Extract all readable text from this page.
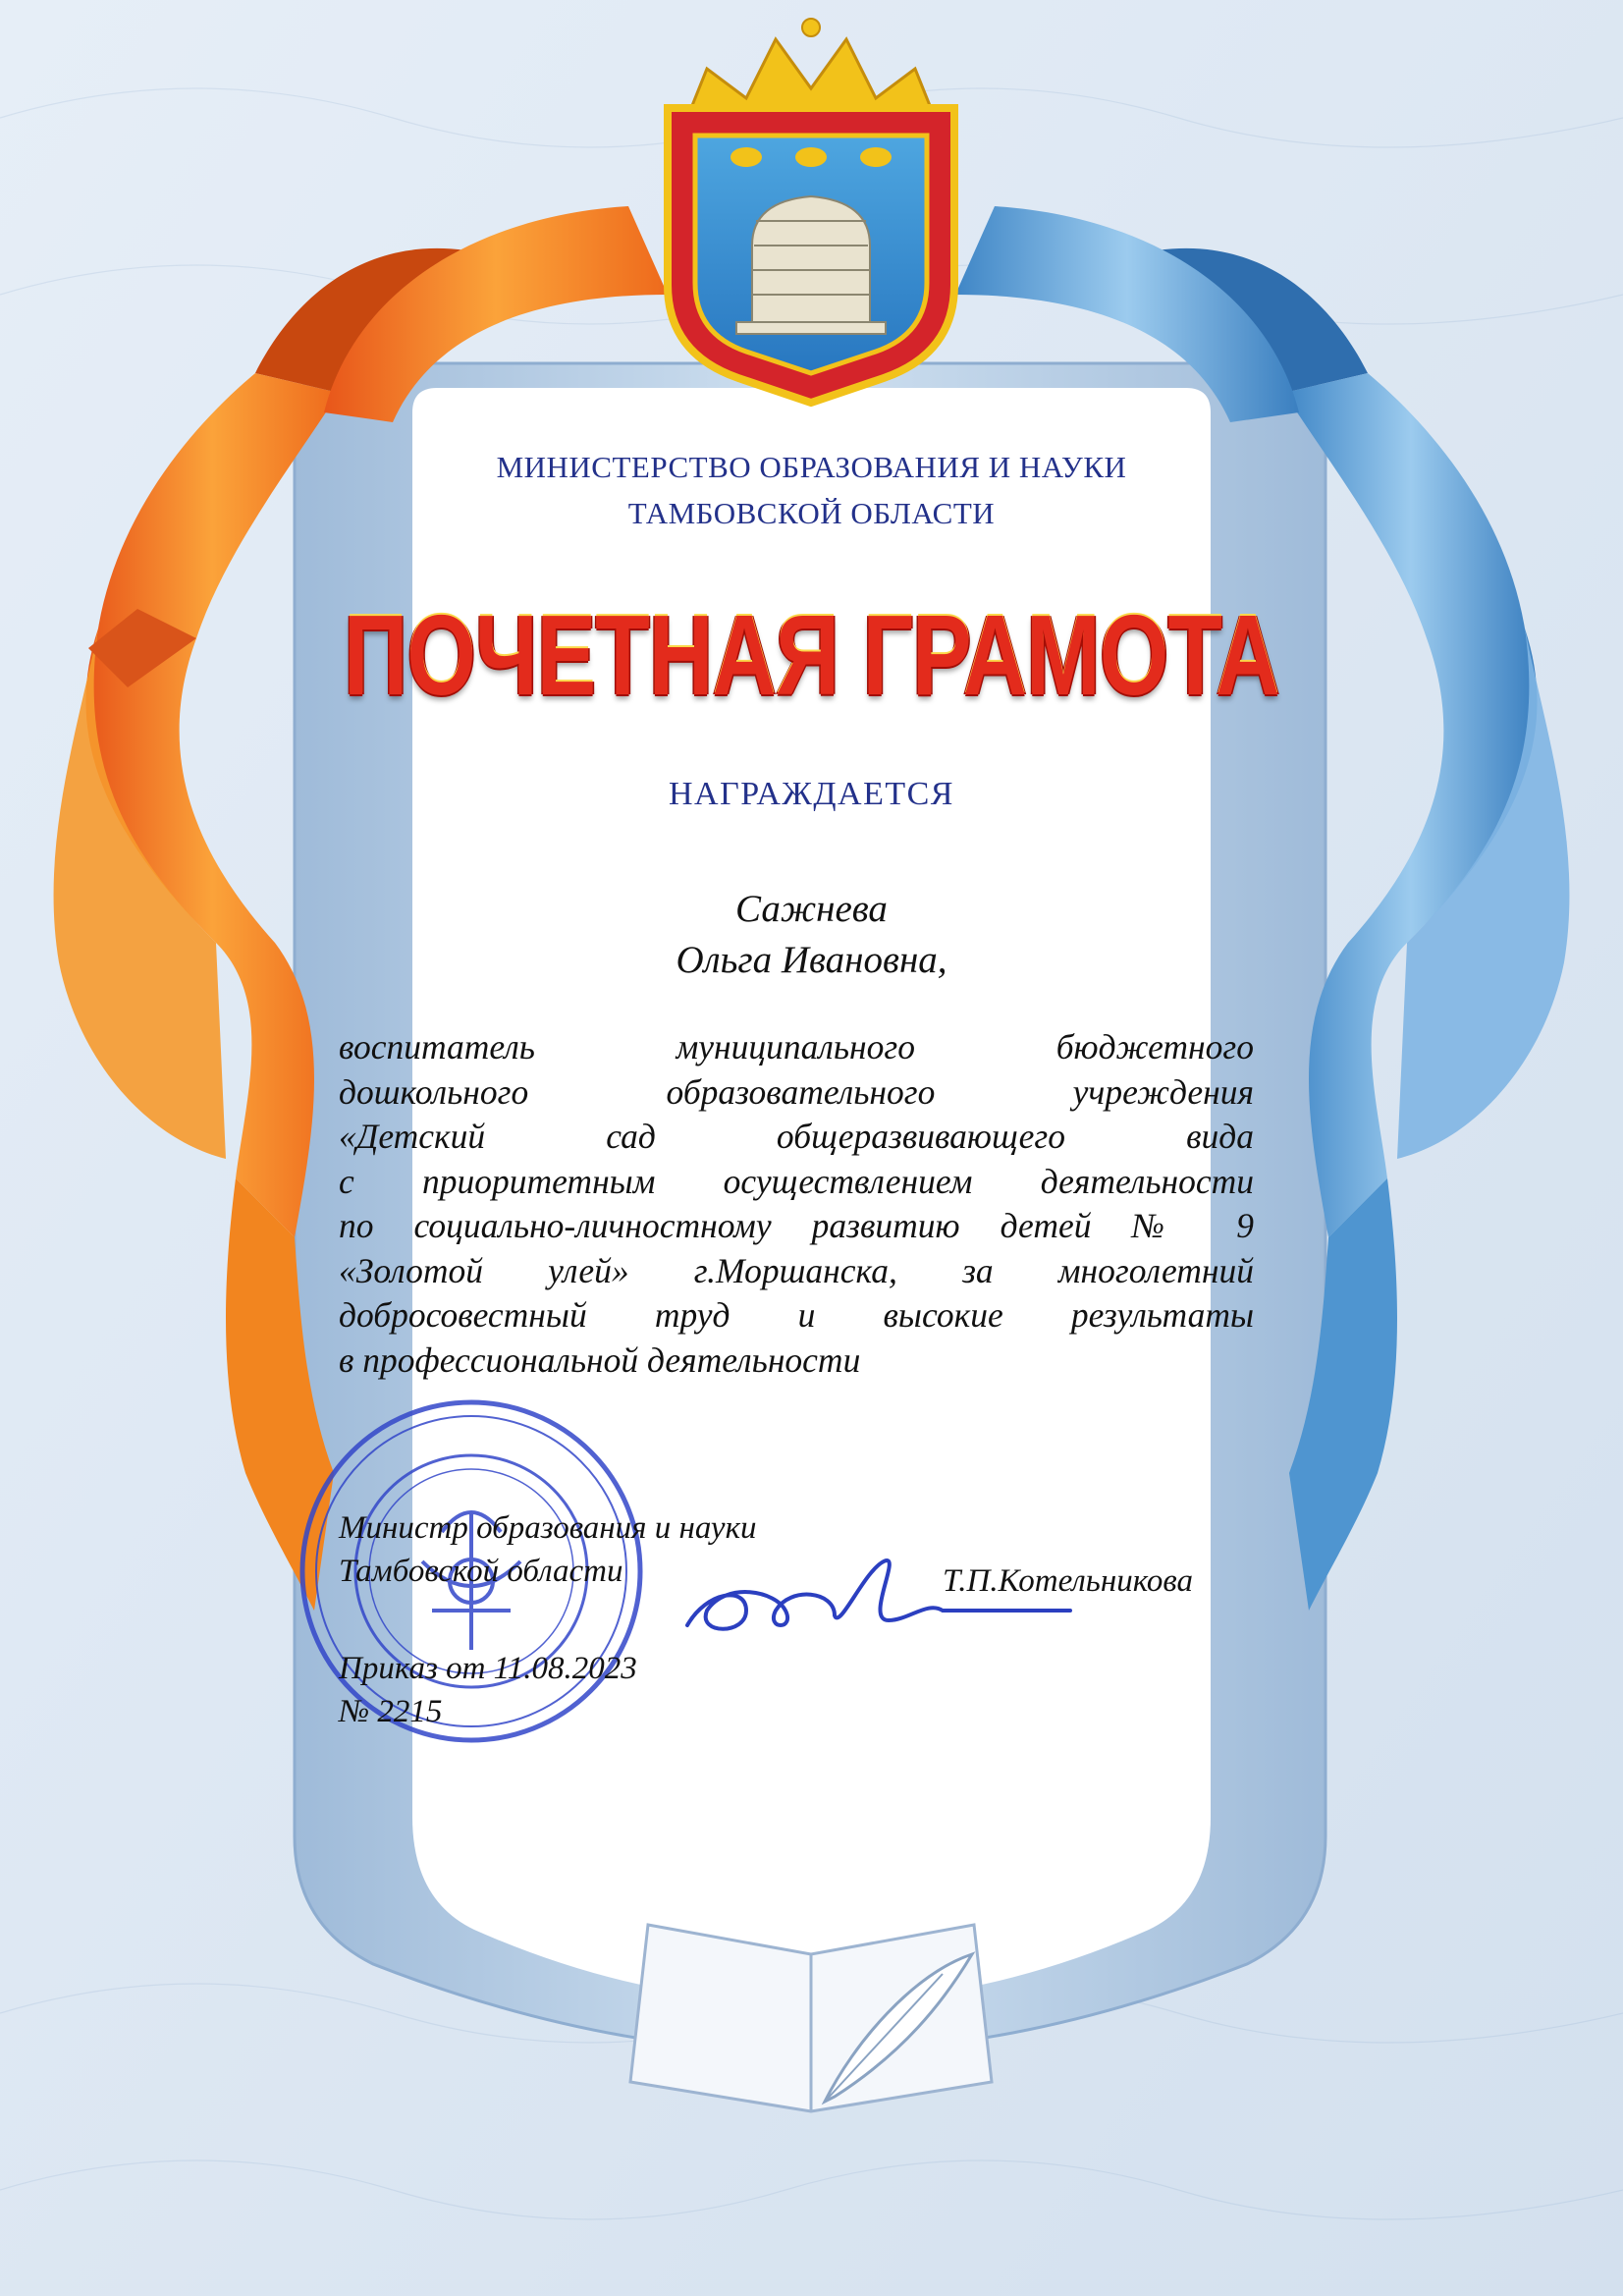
МИНИСТЕРСТВО ОБРАЗОВАНИЯ И НАУКИ
ТАМБОВСКОЙ ОБЛАСТИ
ПОЧЕТНАЯ ГРАМОТА
НАГРАЖДАЕТСЯ
Сажнева
Ольга Ивановна,
воспитатель муниципального бюджетного
дошкольного образовательного учреждения
«Детский сад общеразвивающего вида
с приоритетным осуществлением деятельности
по социально-личностному развитию детей № 9
«Золотой улей» г.Моршанска, за многолетний
добросовестный труд и высокие результаты
в профессиональной деятельности
Министр образования и науки
Тамбовской области	Т.П.Котельникова
Приказ от 11.08.2023
№ 2215
